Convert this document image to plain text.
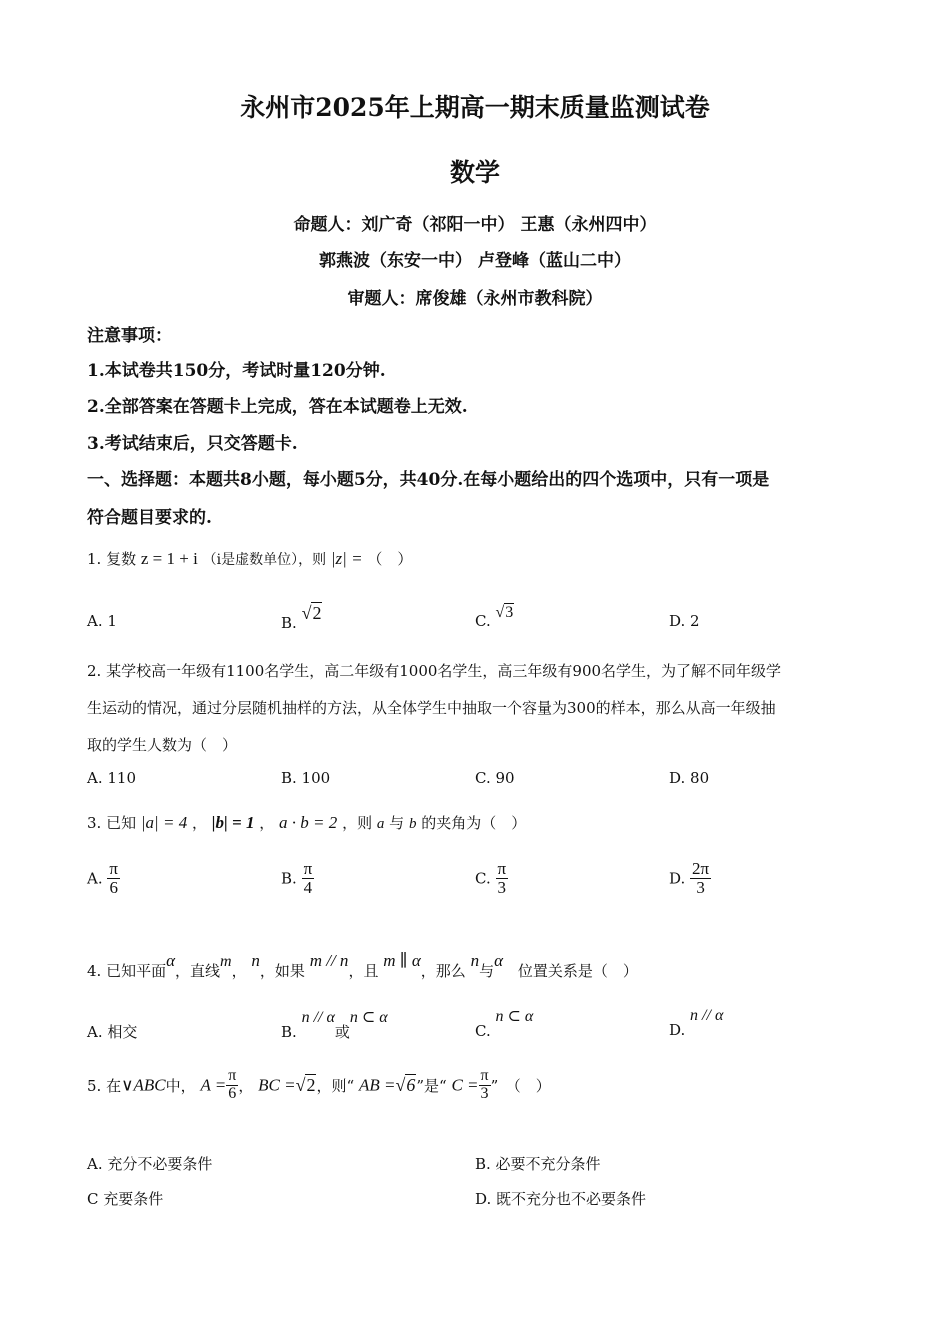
永州市2025年上期高一期末质量监测试卷
数学
命题人：刘广奇（祁阳一中） 王惠（永州四中）
郭燕波（东安一中） 卢登峰（蓝山二中）
审题人：席俊雄（永州市教科院）
注意事项：
1.本试卷共150分，考试时量120分钟.
2.全部答案在答题卡上完成，答在本试题卷上无效.
3.考试结束后，只交答题卡.
一、选择题：本题共8小题，每小题5分，共40分.在每小题给出的四个选项中，只有一项是
符合题目要求的.
1. 复数 z = 1 + i （i是虚数单位），则 |z| = （　）
A. 1	B. √2	C. √3	D. 2
2. 某学校高一年级有1100名学生，高二年级有1000名学生，高三年级有900名学生，为了解不同年级学
生运动的情况，通过分层随机抽样的方法，从全体学生中抽取一个容量为300的样本，那么从高一年级抽
取的学生人数为（　）
A. 110	B. 100	C. 90	D. 80
3. 已知 |a| = 4 ， |b| = 1 ， a · b = 2 ，则 a 与 b 的夹角为（　）
A. $\frac{\pi}{6}$	B. $\frac{\pi}{4}$	C. $\frac{\pi}{3}$	D. $\frac{2\pi}{3}$
4. 已知平面α，直线m， n，如果 m // n，且 m ∥ α，那么 n与α 位置关系是（　）
A. 相交	B. n // α或n ⊂ α
C. n ⊂ α
D. n // α
5. 在∨ABC中， $A = \frac{\pi}{6}$ ， BC =√2，则“ AB =√6”是“ $C = \frac{\pi}{3}$ ”　（　）
A. 充分不必要条件	B. 必要不充分条件
C 充要条件	D. 既不充分也不必要条件
